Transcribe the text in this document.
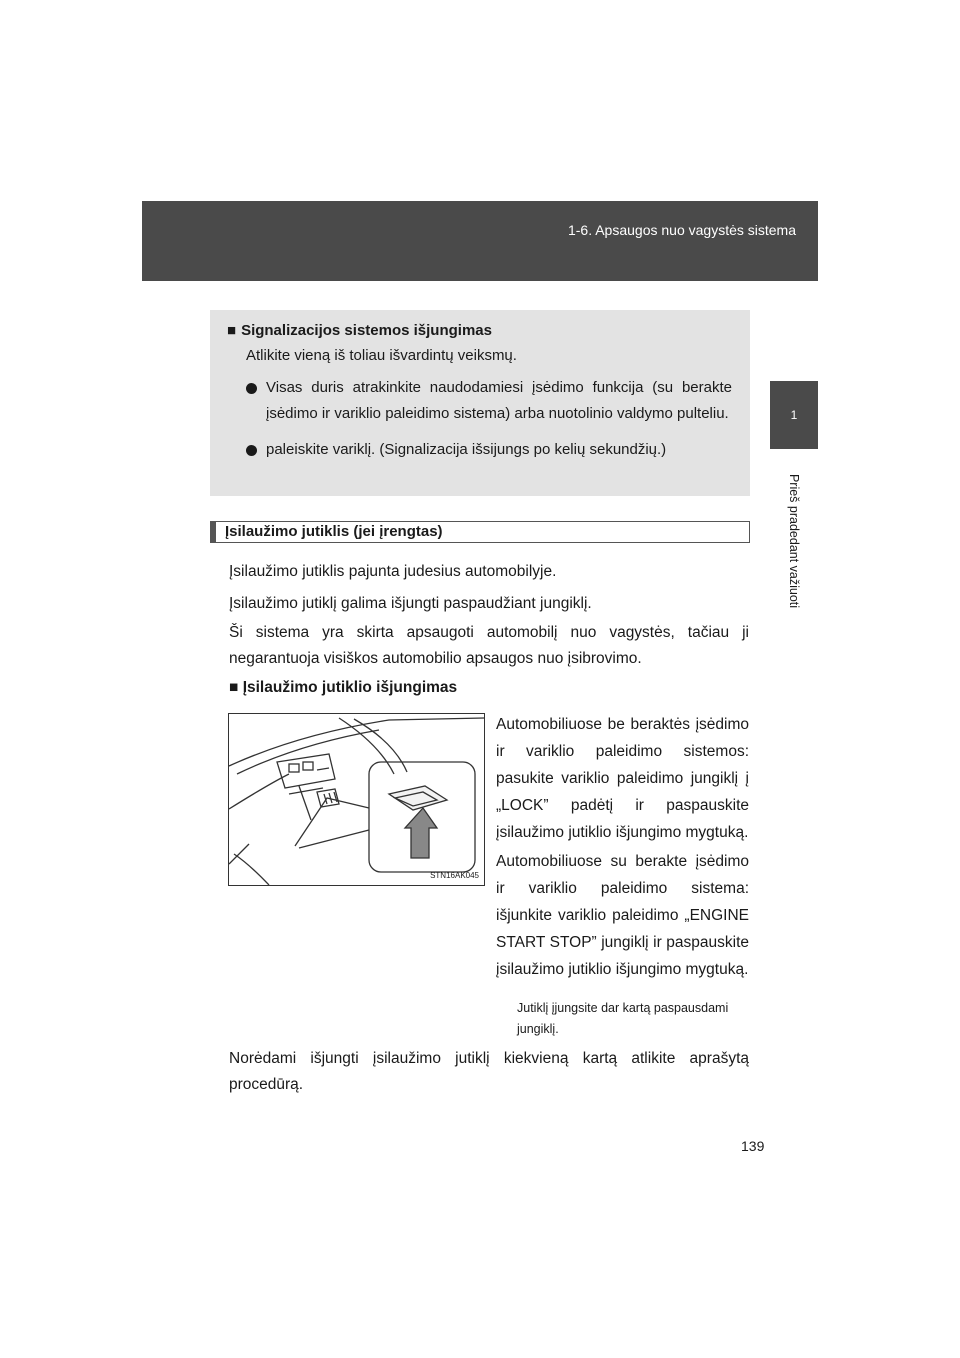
1-6. Apsaugos nuo vagystės sistema
1
Prieš pradedant važiuoti
■ Signalizacijos sistemos išjungimas
Atlikite vieną iš toliau išvardintų veiksmų.
Visas duris atrakinkite naudodamiesi įsėdimo funkcija (su berakte įsėdimo ir variklio paleidimo sistema) arba nuotolinio valdymo pulteliu.
paleiskite variklį. (Signalizacija išsijungs po kelių sekundžių.)
Įsilaužimo jutiklis (jei įrengtas)
Įsilaužimo jutiklis pajunta judesius automobilyje.
Įsilaužimo jutiklį galima išjungti paspaudžiant jungiklį.
Ši sistema yra skirta apsaugoti automobilį nuo vagystės, tačiau ji negarantuoja visiškos automobilio apsaugos nuo įsibrovimo.
■ Įsilaužimo jutiklio išjungimas
STN16AK045
Automobiliuose be beraktės įsėdimo ir variklio paleidimo sistemos: pasukite variklio paleidimo jungiklį į „LOCK” padėtį ir paspauskite įsilaužimo jutiklio išjungimo mygtuką.
Automobiliuose su berakte įsėdimo ir variklio paleidimo sistema: išjunkite variklio paleidimo „ENGINE START STOP” jungiklį ir paspauskite įsilaužimo jutiklio išjungimo mygtuką.
Jutiklį įjungsite dar kartą paspausdami jungiklį.
Norėdami išjungti įsilaužimo jutiklį kiekvieną kartą atlikite aprašytą procedūrą.
139
